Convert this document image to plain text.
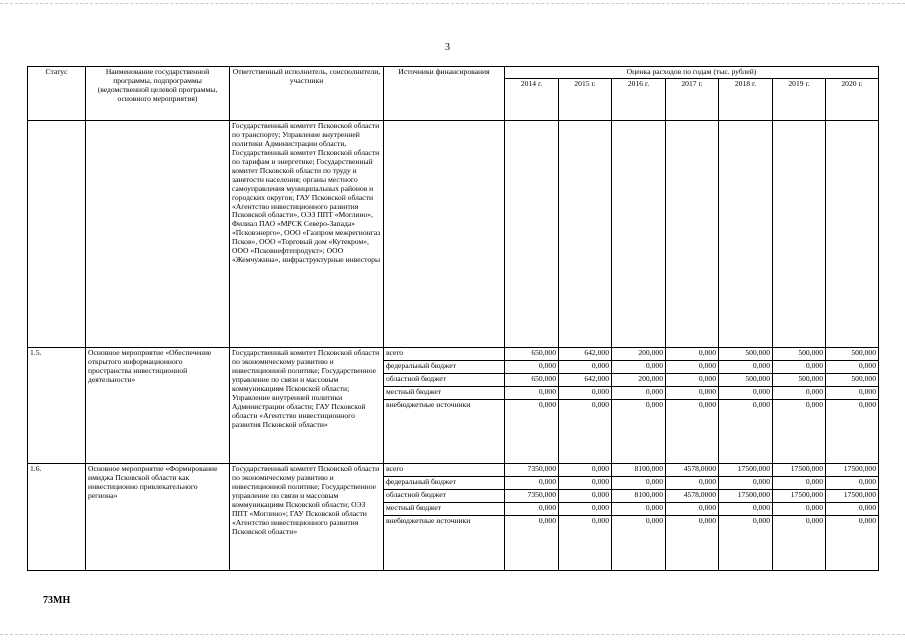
3
Статус	Наименование государственной программы, подпрограммы (ведомственной целевой программы, основного мероприятия)	Ответственный исполнитель, соисполнители, участники	Источники финансирования	Оценка расходов по годам (тыс. рублей)						
				2014 г.	2015 г.	2016 г.	2017 г.	2018 г.	2019 г.	2020 г.
		Государственный комитет Псковской области по транспорту; Управление внутренней политики Администрации области, Государственный комитет Псковской области по тарифам и энергетике; Государственный комитет Псковской области по труду и занятости населения; органы местного самоуправления муниципальных районов и городских округов; ГАУ Псковской области «Агентство инвестиционного развития Псковской области», ОЭЗ ППТ «Моглино», Филиал ПАО «МРСК Северо-Запада» «Псковэнерго», ООО «Газпром межрегионгаз Псков», ООО «Торговый дом «Кутекром», ООО «Псковнефтепродукт»; ООО «Жемчужина», инфраструктурные инвесторы								
1.5.	Основное мероприятие «Обеспечение открытого информационного пространства инвестиционной деятельности»	Государственный комитет Псковской области по экономическому развитию и инвестиционной политике; Государственное управление по связи и массовым коммуникациям Псковской области; Управление внутренней политики Администрации области; ГАУ Псковской области «Агентство инвестиционного развития Псковской области»	всего	650,000	642,000	200,000	0,000	500,000	500,000	500,000
			федеральный бюджет	0,000	0,000	0,000	0,000	0,000	0,000	0,000
			областной бюджет	650,000	642,000	200,000	0,000	500,000	500,000	500,000
			местный бюджет	0,000	0,000	0,000	0,000	0,000	0,000	0,000
			внебюджетные источники	0,000	0,000	0,000	0,000	0,000	0,000	0,000
1.6.	Основное мероприятие «Формирование имиджа Псковской области как инвестиционно привлекательного региона»	Государственный комитет Псковской области по экономическому развитию и инвестиционной политике; Государственное управление по связи и массовым коммуникациям Псковской области; ОЭЗ ППТ «Моглино»; ГАУ Псковской области «Агентство инвестиционного развития Псковской области»	всего	7350,000	0,000	8100,000	4578,0000	17500,000	17500,000	17500,000
			федеральный бюджет	0,000	0,000	0,000	0,000	0,000	0,000	0,000
			областной бюджет	7350,000	0,000	8100,000	4578,0000	17500,000	17500,000	17500,000
			местный бюджет	0,000	0,000	0,000	0,000	0,000	0,000	0,000
			внебюджетные источники	0,000	0,000	0,000	0,000	0,000	0,000	0,000
73МН
